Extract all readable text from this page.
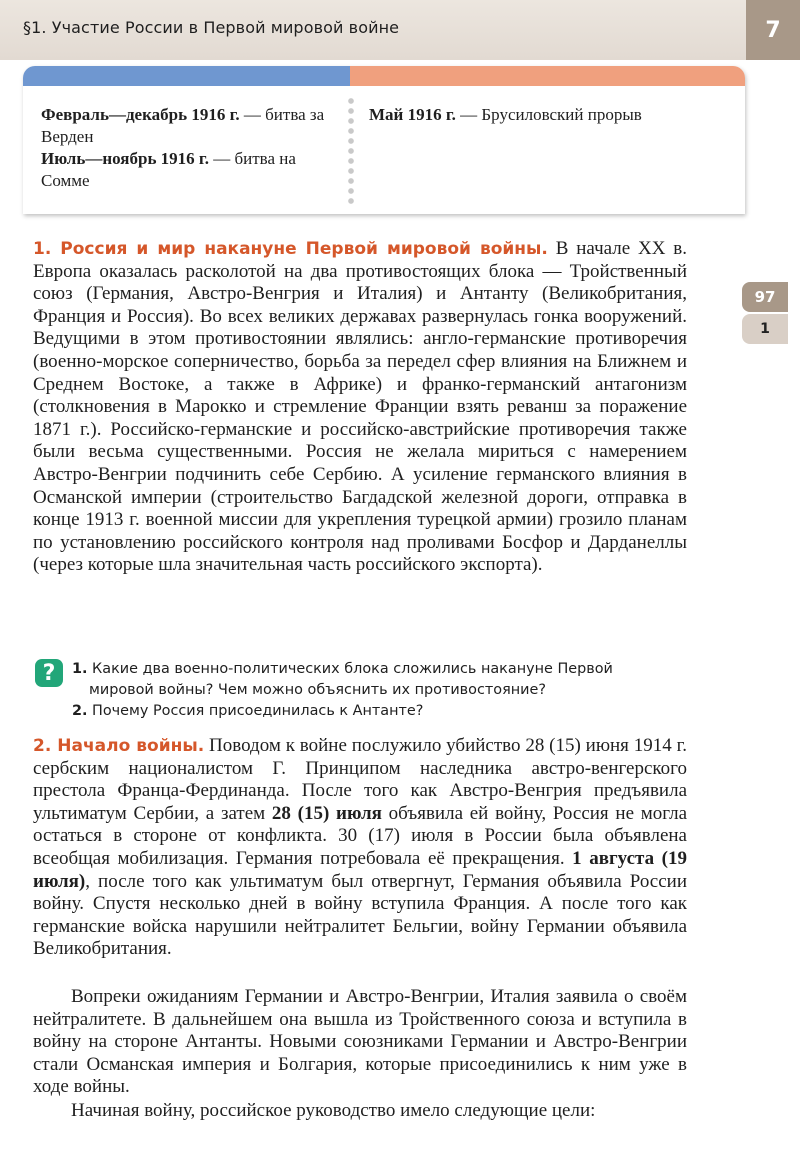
§1. Участие России в Первой мировой войне	7
Февраль—декабрь 1916 г. — битва за Верден
Июль—ноябрь 1916 г. — битва на Сомме
Май 1916 г. — Брусиловский прорыв
97
1
1. Россия и мир накануне Первой мировой войны. В начале XX в. Европа оказалась расколотой на два противостоящих блока — Тройственный союз (Германия, Австро-Венгрия и Италия) и Антанту (Великобритания, Франция и Россия). Во всех великих державах развернулась гонка вооружений. Ведущими в этом противостоянии являлись: англо-германские противоречия (военно-морское соперничество, борьба за передел сфер влияния на Ближнем и Среднем Востоке, а также в Африке) и франко-германский антагонизм (столкновения в Марокко и стремление Франции взять реванш за поражение 1871 г.). Российско-германские и российско-австрийские противоречия также были весьма существенными. Россия не желала мириться с намерением Австро-Венгрии подчинить себе Сербию. А усиление германского влияния в Османской империи (строительство Багдадской железной дороги, отправка в конце 1913 г. военной миссии для укрепления турецкой армии) грозило планам по установлению российского контроля над проливами Босфор и Дарданеллы (через которые шла значительная часть российского экспорта).
?	1. Какие два военно-политических блока сложились накануне Первой

мировой войны? Чем можно объяснить их противостояние?

2. Почему Россия присоединилась к Антанте?

2. Начало войны. Поводом к войне послужило убийство 28 (15) июня 1914 г. сербским националистом Г. Принципом наследника австро-венгерского престола Франца-Фердинанда. После того как Австро-Венгрия предъявила ультиматум Сербии, а затем 28 (15) июля объявила ей войну, Россия не могла остаться в стороне от конфликта. 30 (17) июля в России была объявлена всеобщая мобилизация. Германия потребовала её прекращения. 1 августа (19 июля), после того как ультиматум был отвергнут, Германия объявила России войну. Спустя несколько дней в войну вступила Франция. А после того как германские войска нарушили нейтралитет Бельгии, войну Германии объявила Великобритания.
Вопреки ожиданиям Германии и Австро-Венгрии, Италия заявила о своём нейтралитете. В дальнейшем она вышла из Тройственного союза и вступила в войну на стороне Антанты. Новыми союзниками Германии и Австро-Венгрии стали Османская империя и Болгария, которые присоединились к ним уже в ходе войны.
Начиная войну, российское руководство имело следующие цели:
